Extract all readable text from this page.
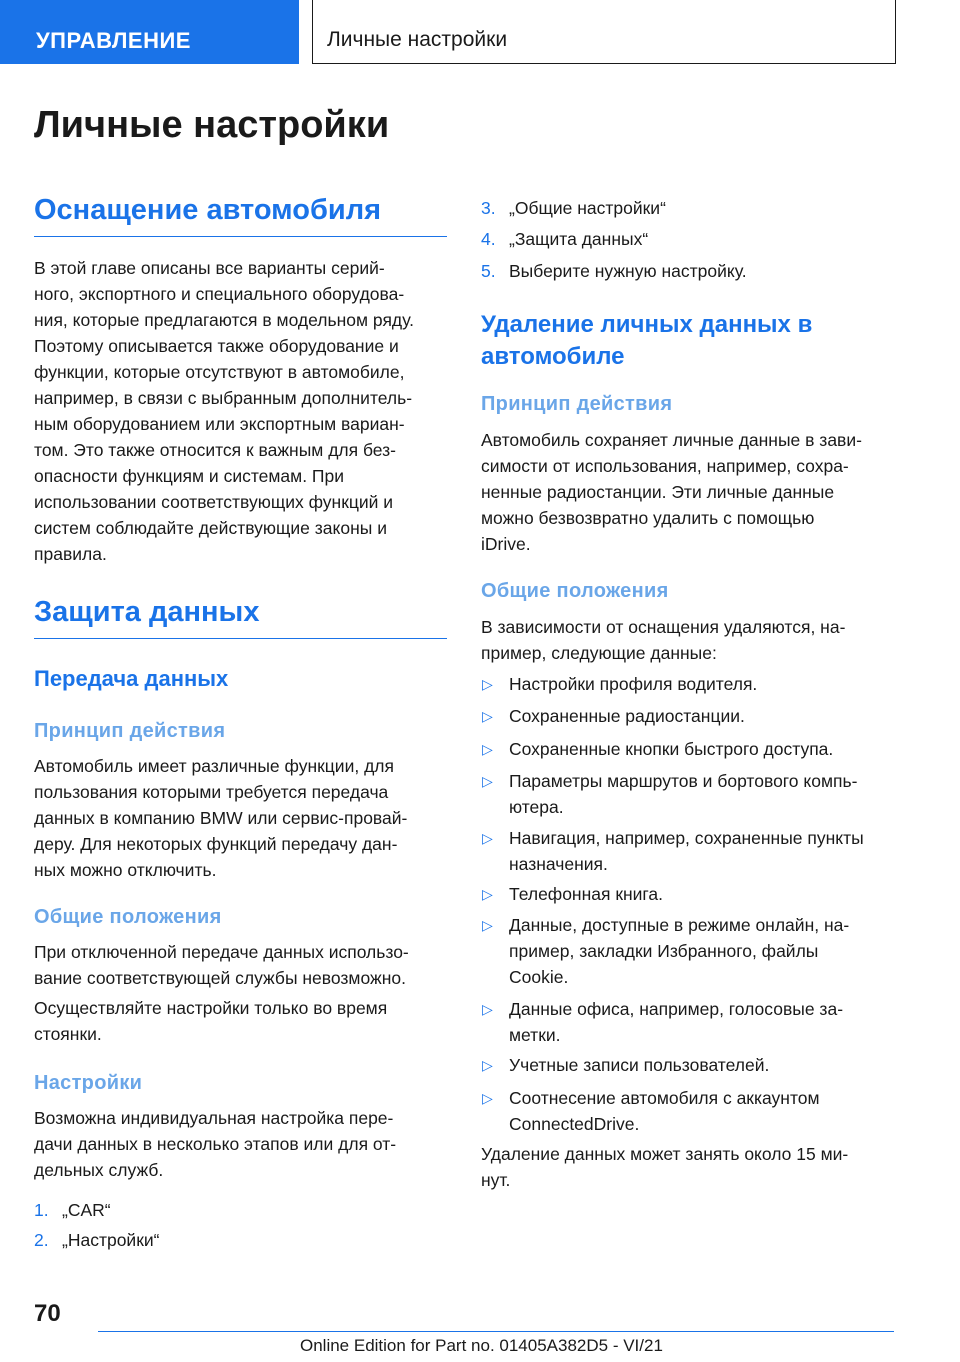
УПРАВЛЕНИЕ	Личные настройки
Личные настройки
Оснащение автомобиля

В этой главе описаны все варианты серий-
ного, экспортного и специального оборудова-
ния, которые предлагаются в модельном ряду.
Поэтому описывается также оборудование и
функции, которые отсутствуют в автомобиле,
например, в связи с выбранным дополнитель-
ным оборудованием или экспортным вариан-
том. Это также относится к важным для без-
опасности функциям и системам. При
использовании соответствующих функций и
систем соблюдайте действующие законы и
правила.

Защита данных
Передача данных
Принцип действия

Автомобиль имеет различные функции, для
пользования которыми требуется передача
данных в компанию BMW или сервис-провай-
деру. Для некоторых функций передачу дан-
ных можно отключить.

Общие положения

При отключенной передаче данных использо-
вание соответствующей службы невозможно.

Осуществляйте настройки только во время
стоянки.

Настройки

Возможна индивидуальная настройка пере-
дачи данных в несколько этапов или для от-
дельных служб.

1. „CAR“
2. „Настройки“
3. „Общие настройки“
4. „Защита данных“
5. Выберите нужную настройку.
Удаление личных данных в
автомобиле
Принцип действия

Автомобиль сохраняет личные данные в зави-
симости от использования, например, сохра-
ненные радиостанции. Эти личные данные
можно безвозвратно удалить с помощью
iDrive.

Общие положения

В зависимости от оснащения удаляются, на-
пример, следующие данные:

▷ Настройки профиля водителя.
▷ Сохраненные радиостанции.
▷ Сохраненные кнопки быстрого доступа.
▷ Параметры маршрутов и бортового компь-
ютера.
▷ Навигация, например, сохраненные пункты
назначения.
▷ Телефонная книга.
▷ Данные, доступные в режиме онлайн, на-
пример, закладки Избранного, файлы
Cookie.
▷ Данные офиса, например, голосовые за-
метки.
▷ Учетные записи пользователей.
▷ Соотнесение автомобиля с аккаунтом
ConnectedDrive.

Удаление данных может занять около 15 ми-
нут.

70
Online Edition for Part no. 01405A382D5 - VI/21
